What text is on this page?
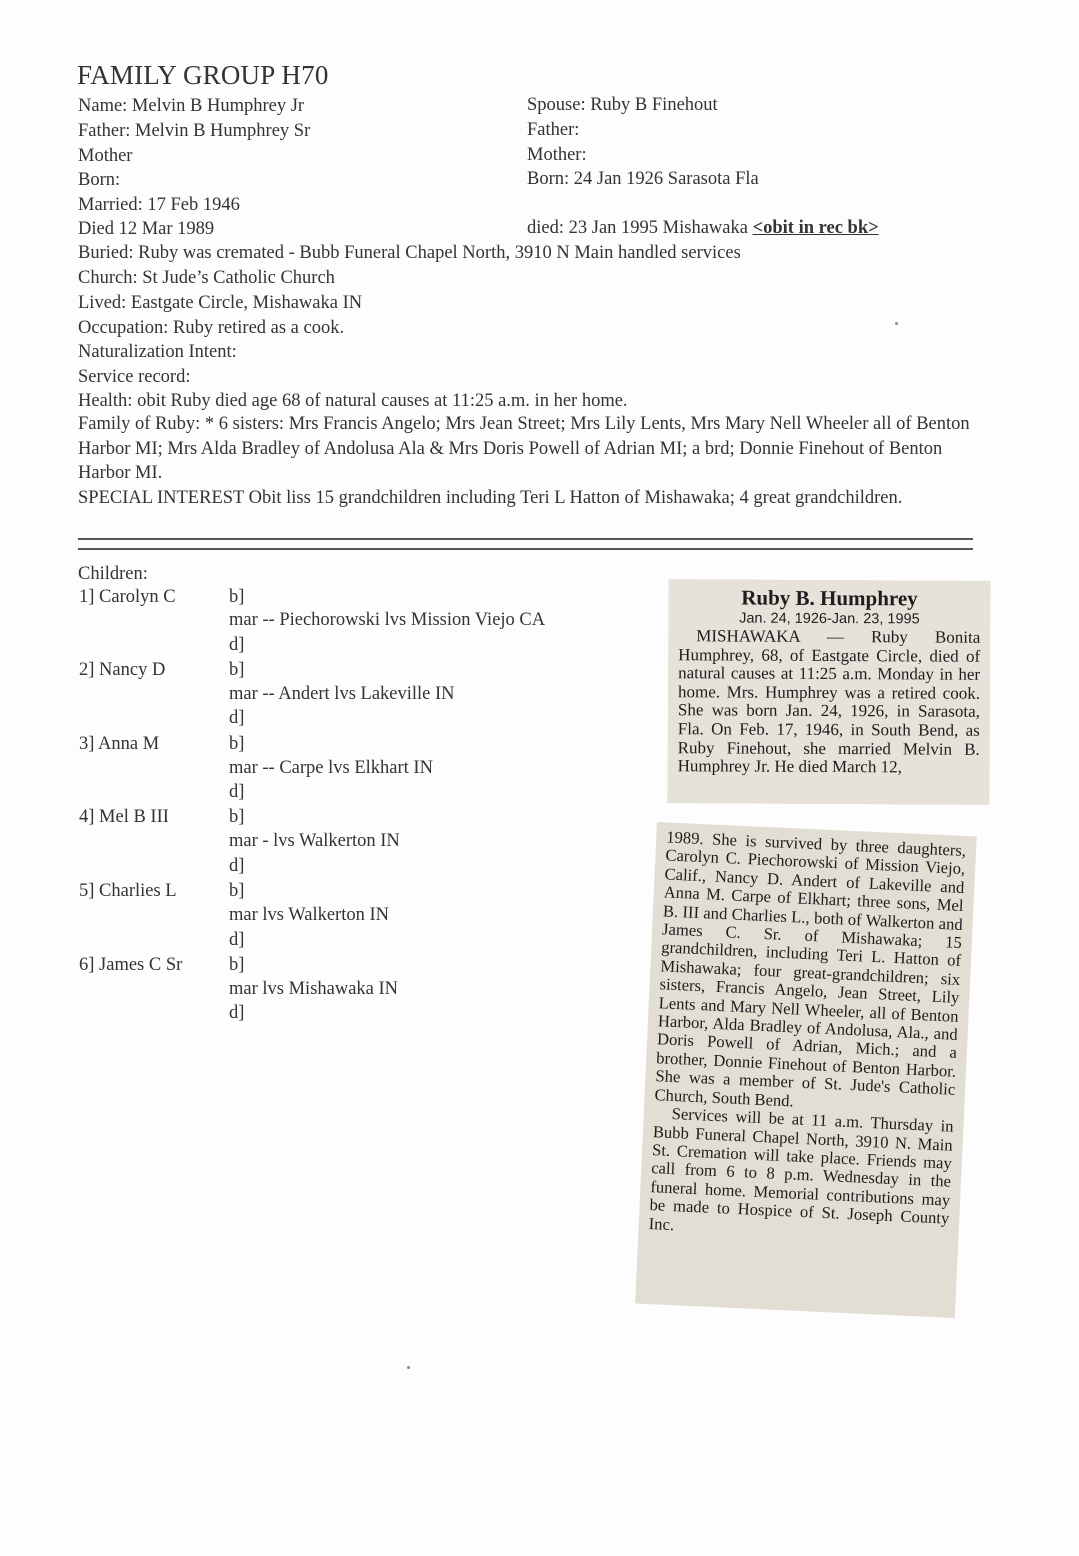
FAMILY GROUP H70
Name: Melvin B Humphrey Jr
Father: Melvin B Humphrey Sr
Mother
Born:
Married: 17 Feb 1946
Died 12 Mar 1989
Spouse: Ruby B Finehout
Father:
Mother:
Born: 24 Jan 1926 Sarasota Fla
died: 23 Jan 1995 Mishawaka <obit in rec bk>
Buried: Ruby was cremated - Bubb Funeral Chapel North, 3910 N Main handled services
Church: St Jude’s Catholic Church
Lived: Eastgate Circle, Mishawaka IN
Occupation: Ruby retired as a cook.
Naturalization Intent:
Service record:
Health: obit Ruby died age 68 of natural causes at 11:25 a.m. in her home.
Family of Ruby: * 6 sisters: Mrs Francis Angelo; Mrs Jean Street; Mrs Lily Lents, Mrs Mary Nell Wheeler all of Benton Harbor MI; Mrs Alda Bradley of Andolusa Ala & Mrs Doris Powell of Adrian MI; a brd; Donnie Finehout of Benton Harbor MI.
SPECIAL INTEREST Obit liss 15 grandchildren including Teri L Hatton of Mishawaka; 4 great grandchildren.
Children:
1] Carolyn C	b]
mar -- Piechorowski lvs Mission Viejo CA
d]
2] Nancy D	b]
mar -- Andert lvs Lakeville IN
d]
3] Anna M	b]
mar -- Carpe lvs Elkhart IN
d]
4] Mel B III	b]
mar - lvs Walkerton IN
d]
5] Charlies L	b]
mar lvs Walkerton IN
d]
6] James C Sr	b]
mar lvs Mishawaka IN
d]
Ruby B. Humphrey
Jan. 24, 1926-Jan. 23, 1995
MISHAWAKA — Ruby Bonita Humphrey, 68, of Eastgate Circle, died of natural causes at 11:25 a.m. Monday in her home. Mrs. Humphrey was a retired cook. She was born Jan. 24, 1926, in Sarasota, Fla. On Feb. 17, 1946, in South Bend, as Ruby Finehout, she married Melvin B. Humphrey Jr. He died March 12,
1989. She is survived by three daughters, Carolyn C. Piechorowski of Mission Viejo, Calif., Nancy D. Andert of Lakeville and Anna M. Carpe of Elkhart; three sons, Mel B. III and Charlies L., both of Walkerton and James C. Sr. of Mishawaka; 15 grandchildren, including Teri L. Hatton of Mishawaka; four great-grandchildren; six sisters, Francis Angelo, Jean Street, Lily Lents and Mary Nell Wheeler, all of Benton Harbor, Alda Bradley of Andolusa, Ala., and Doris Powell of Adrian, Mich.; and a brother, Donnie Finehout of Benton Harbor. She was a member of St. Jude's Catholic Church, South Bend.
Services will be at 11 a.m. Thursday in Bubb Funeral Chapel North, 3910 N. Main St. Cremation will take place. Friends may call from 6 to 8 p.m. Wednesday in the funeral home. Memorial contributions may be made to Hospice of St. Joseph County Inc.
